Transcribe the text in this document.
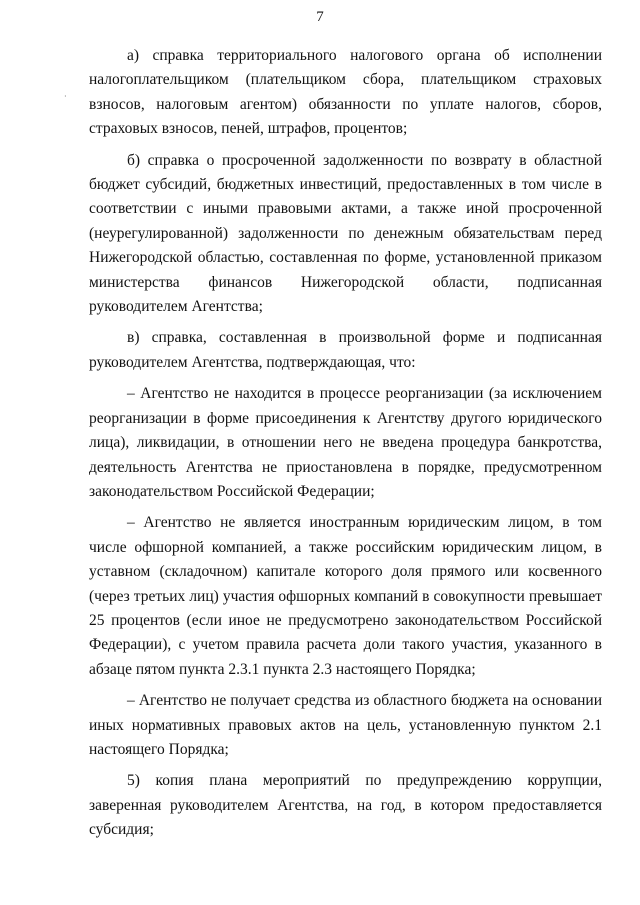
7
·

а) справка территориального налогового органа об исполнении налогоплательщиком (плательщиком сбора, плательщиком страховых взносов, налоговым агентом) обязанности по уплате налогов, сборов, страховых взносов, пеней, штрафов, процентов;

б) справка о просроченной задолженности по возврату в областной бюджет субсидий, бюджетных инвестиций, предоставленных в том числе в соответствии с иными правовыми актами, а также иной просроченной (неурегулированной) задолженности по денежным обязательствам перед Нижегородской областью, составленная по форме, установленной приказом министерства финансов Нижегородской области, подписанная руководителем Агентства;

в) справка, составленная в произвольной форме и подписанная руководителем Агентства, подтверждающая, что:

– Агентство не находится в процессе реорганизации (за исключением реорганизации в форме присоединения к Агентству другого юридического лица), ликвидации, в отношении него не введена процедура банкротства, деятельность Агентства не приостановлена в порядке, предусмотренном законодательством Российской Федерации;

– Агентство не является иностранным юридическим лицом, в том числе офшорной компанией, а также российским юридическим лицом, в уставном (складочном) капитале которого доля прямого или косвенного (через третьих лиц) участия офшорных компаний в совокупности превышает 25 процентов (если иное не предусмотрено законодательством Российской Федерации), с учетом правила расчета доли такого участия, указанного в абзаце пятом пункта 2.3.1 пункта 2.3 настоящего Порядка;

– Агентство не получает средства из областного бюджета на основании иных нормативных правовых актов на цель, установленную пунктом 2.1 настоящего Порядка;

5) копия плана мероприятий по предупреждению коррупции, заверенная руководителем Агентства, на год, в котором предоставляется субсидия;
